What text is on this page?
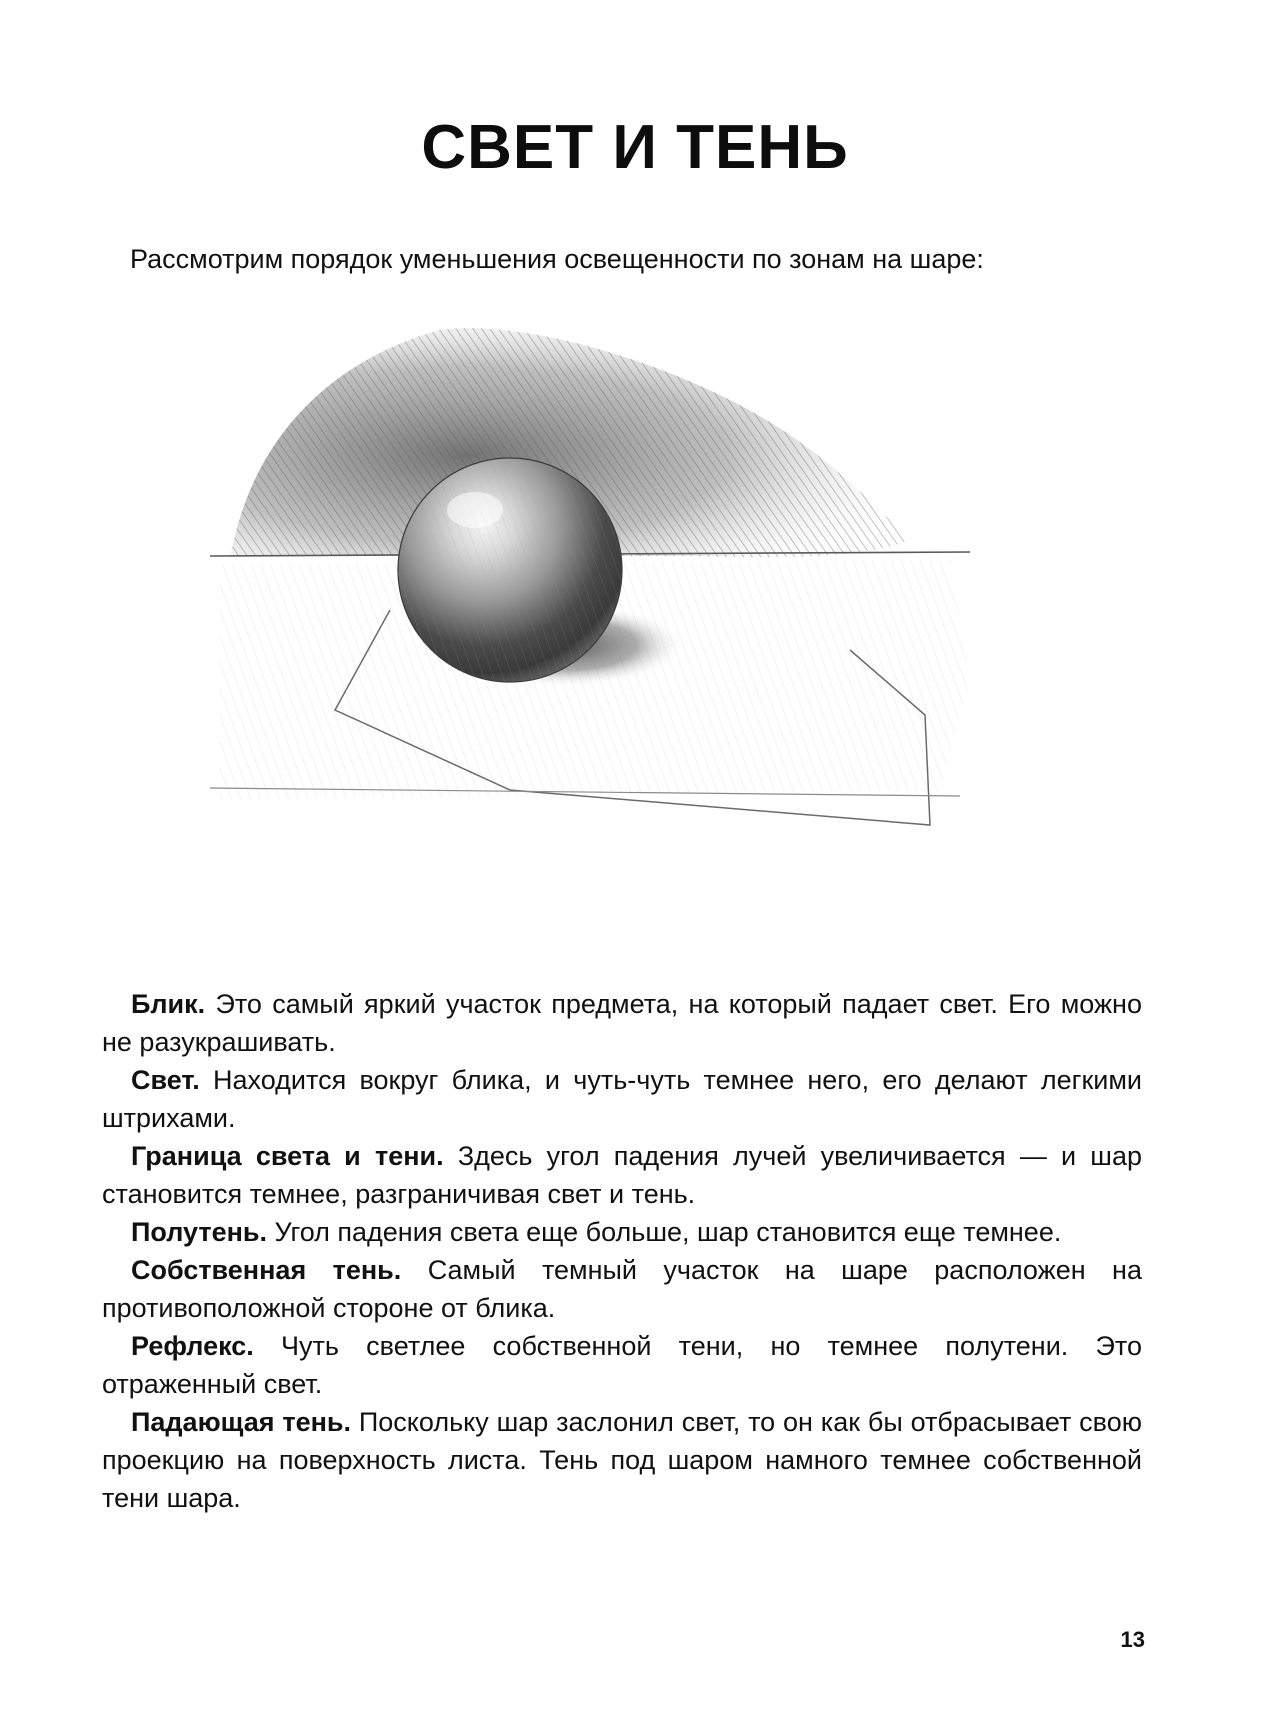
СВЕТ И ТЕНЬ

Рассмотрим порядок уменьшения освещенности по зонам на шаре:

Блик. Это самый яркий участок предмета, на который падает свет. Его можно не разукрашивать.

Свет. Находится вокруг блика, и чуть-чуть темнее него, его делают легкими штрихами.

Граница света и тени. Здесь угол падения лучей увеличивается — и шар становится темнее, разграничивая свет и тень.

Полутень. Угол падения света еще больше, шар становится еще темнее.

Собственная тень. Самый темный участок на шаре расположен на противоположной стороне от блика.

Рефлекс. Чуть светлее собственной тени, но темнее полутени. Это отраженный свет.

Падающая тень. Поскольку шар заслонил свет, то он как бы отбрасывает свою проекцию на поверхность листа. Тень под шаром намного темнее собственной тени шара.

13
